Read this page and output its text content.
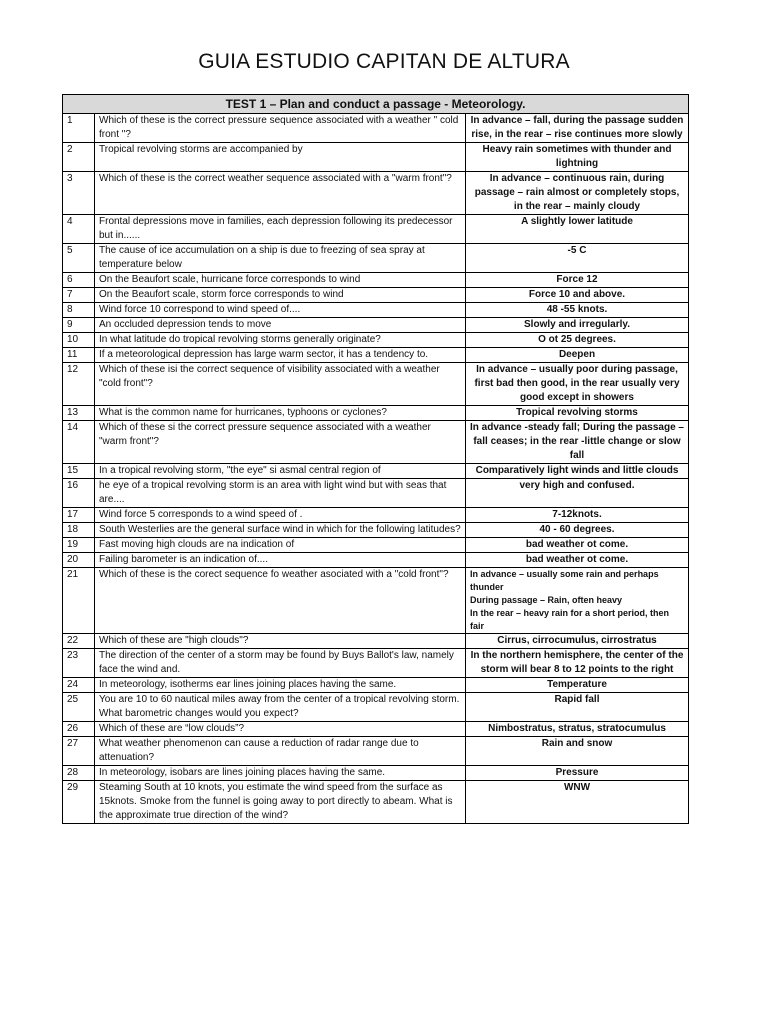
GUIA ESTUDIO CAPITAN DE ALTURA
TEST 1 – Plan and conduct a passage - Meteorology.		
1	Which of these is the correct pressure sequence associated with a weather " cold front "?	In advance – fall, during the passage sudden rise, in the rear – rise continues more slowly
2	Tropical revolving storms are accompanied by	Heavy rain sometimes with thunder and lightning
3	Which of these is the correct weather sequence associated with a "warm front"?	In advance – continuous rain, during passage – rain almost or completely stops, in the rear – mainly cloudy
4	Frontal depressions move in families, each depression following its predecessor but in......	A slightly lower latitude
5	The cause of ice accumulation on a ship is due to freezing of sea spray at temperature below	-5 C
6	On the Beaufort scale, hurricane force corresponds to wind	Force 12
7	On the Beaufort scale, storm force corresponds to wind	Force 10 and above.
8	Wind force 10 correspond to wind speed of....	48 -55 knots.
9	An occluded depression tends to move	Slowly and irregularly.
10	In what latitude do tropical revolving storms generally originate?	O ot 25 degrees.
11	If a meteorological depression has large warm sector, it has a tendency to.	Deepen
12	Which of these isi the correct sequence of visibility associated with a weather "cold front"?	In advance – usually poor during passage, first bad then good, in the rear usually very good except in showers
13	What is the common name for hurricanes, typhoons or cyclones?	Tropical revolving storms
14	Which of these si the correct pressure sequence associated with a weather "warm front"?	In advance -steady fall; During the passage – fall ceases; in the rear -little change or slow fall
15	In a tropical revolving storm, "the eye" si asmal central region of	Comparatively light winds and little clouds
16	he eye of a tropical revolving storm is an area with light wind but with seas that are....	very high and confused.
17	Wind force 5 corresponds to a wind speed of .	7-12knots.
18	South Westerlies are the general surface wind in which for the following latitudes?	40 - 60 degrees.
19	Fast moving high clouds are na indication of	bad weather ot come.
20	Failing barometer is an indication of....	bad weather ot come.
21	Which of these is the corect sequence fo weather asociated with a "cold front"?	In advance – usually some rain and perhaps thunder
During passage – Rain, often heavy
In the rear – heavy rain for a short period, then fair

22	Which of these are "high clouds"?	Cirrus, cirrocumulus, cirrostratus
23	The direction of the center of a storm may be found by Buys Ballot's law, namely face the wind and.	In the northern hemisphere, the center of the storm will bear 8 to 12 points to the right
24	In meteorology, isotherms ear lines joining places having the same.	Temperature
25	You are 10 to 60 nautical miles away from the center of a tropical revolving storm. What barometric changes would you expect?	Rapid fall
26	Which of these are “low clouds”?	Nimbostratus, stratus, stratocumulus
27	What weather phenomenon can cause a reduction of radar range due to attenuation?	Rain and snow
28	In meteorology, isobars are lines joining places having the same.	Pressure
29	Steaming South at 10 knots, you estimate the wind speed from the surface as 15knots. Smoke from the funnel is going away to port directly to abeam. What is the approximate true direction of the wind?	WNW
